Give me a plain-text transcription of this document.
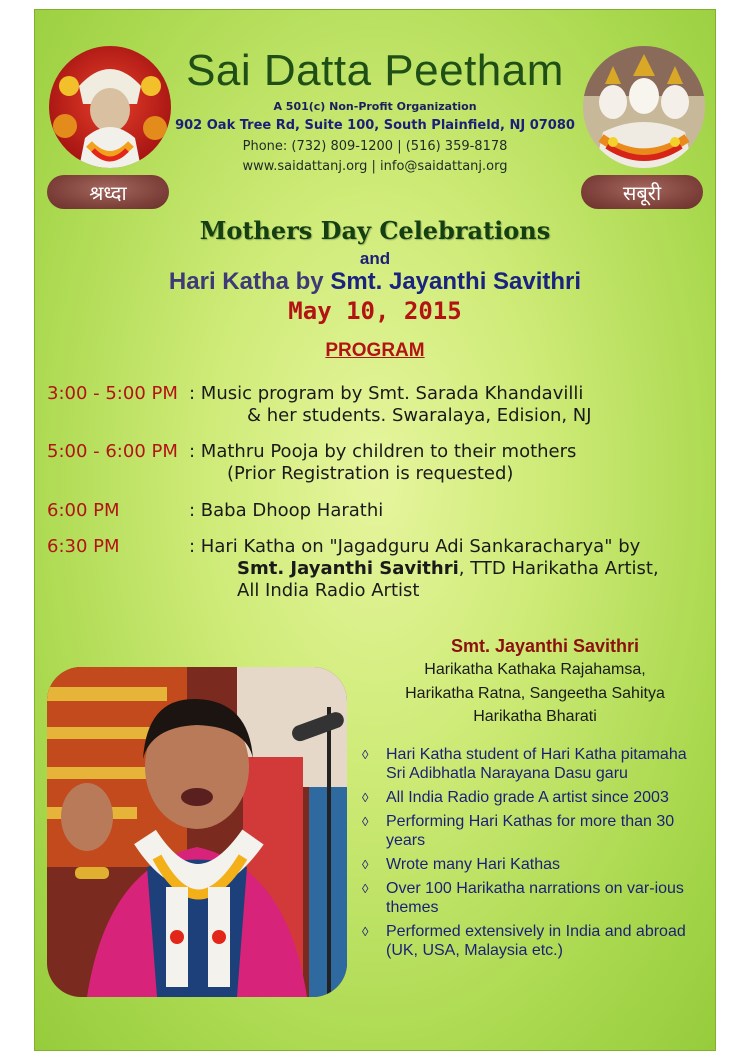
श्रध्दा	सबूरी
Sai Datta Peetham
A 501(c) Non-Profit Organization
902 Oak Tree Rd, Suite 100, South Plainfield, NJ 07080
Phone: (732) 809-1200 | (516) 359-8178
www.saidattanj.org | info@saidattanj.org
Mothers Day Celebrations
and
Hari Katha by Smt. Jayanthi Savithri
May 10, 2015
PROGRAM
3:00 - 5:00 PM : Music program by Smt. Sarada Khandavilli
& her students. Swaralaya, Edision, NJ
5:00 - 6:00 PM : Mathru Pooja by children to their mothers
(Prior Registration is requested)
6:00 PM	: Baba Dhoop Harathi
6:30 PM	: Hari Katha on "Jagadguru Adi Sankaracharya" by
Smt. Jayanthi Savithri, TTD Harikatha Artist,
All India Radio Artist
Smt. Jayanthi Savithri
Harikatha Kathaka Rajahamsa,
Harikatha Ratna, Sangeetha Sahitya
Harikatha Bharati
◊ Hari Katha student of Hari Katha pitamaha Sri Adibhatla Narayana Dasu garu
◊ All India Radio grade A artist since 2003
◊ Performing Hari Kathas for more than 30 years
◊ Wrote many Hari Kathas
◊ Over 100 Harikatha narrations on var-ious themes
◊ Performed extensively in India and abroad (UK, USA, Malaysia etc.)
